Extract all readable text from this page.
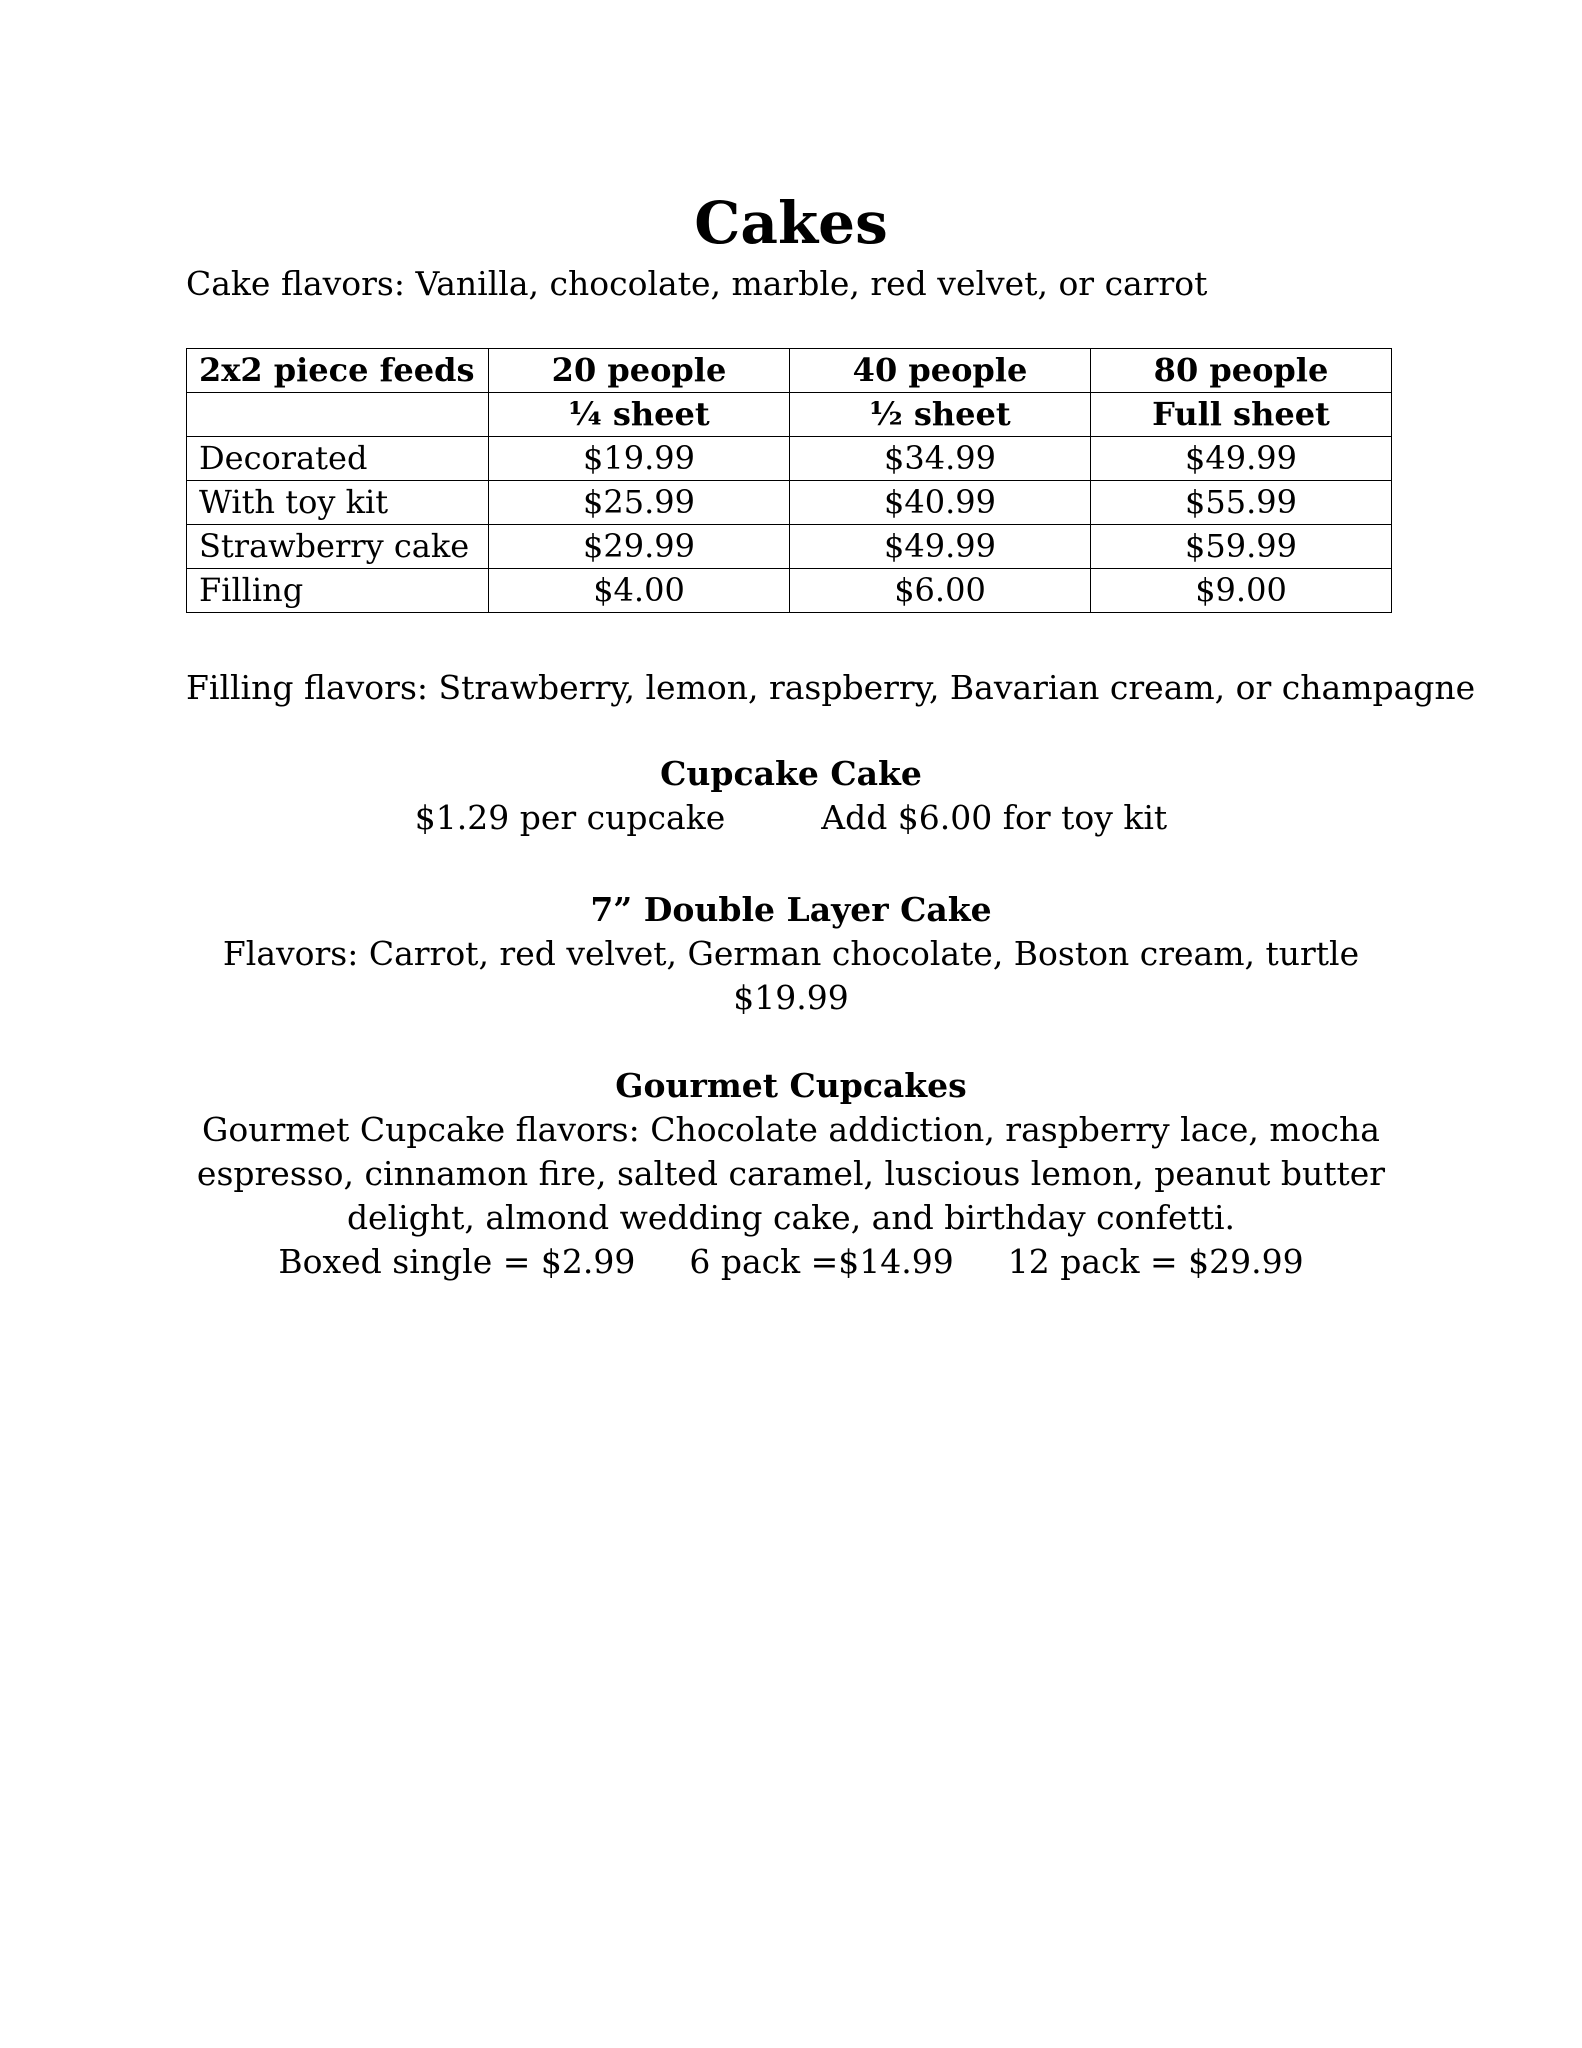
Cakes
Cake flavors: Vanilla, chocolate, marble, red velvet, or carrot
2x2 piece feeds	20 people	40 people	80 people
	¼ sheet	½ sheet	Full sheet
Decorated	$19.99	$34.99	$49.99
With toy kit	$25.99	$40.99	$55.99
Strawberry cake	$29.99	$49.99	$59.99
Filling	$4.00	$6.00	$9.00
Filling flavors: Strawberry, lemon, raspberry, Bavarian cream, or champagne
Cupcake Cake
$1.29 per cupcake	Add $6.00 for toy kit
7” Double Layer Cake
Flavors: Carrot, red velvet, German chocolate, Boston cream, turtle
$19.99
Gourmet Cupcakes
Gourmet Cupcake flavors: Chocolate addiction, raspberry lace, mocha
espresso, cinnamon fire, salted caramel, luscious lemon, peanut butter
delight, almond wedding cake, and birthday confetti.
Boxed single = $2.99 6 pack =$14.99 12 pack = $29.99
